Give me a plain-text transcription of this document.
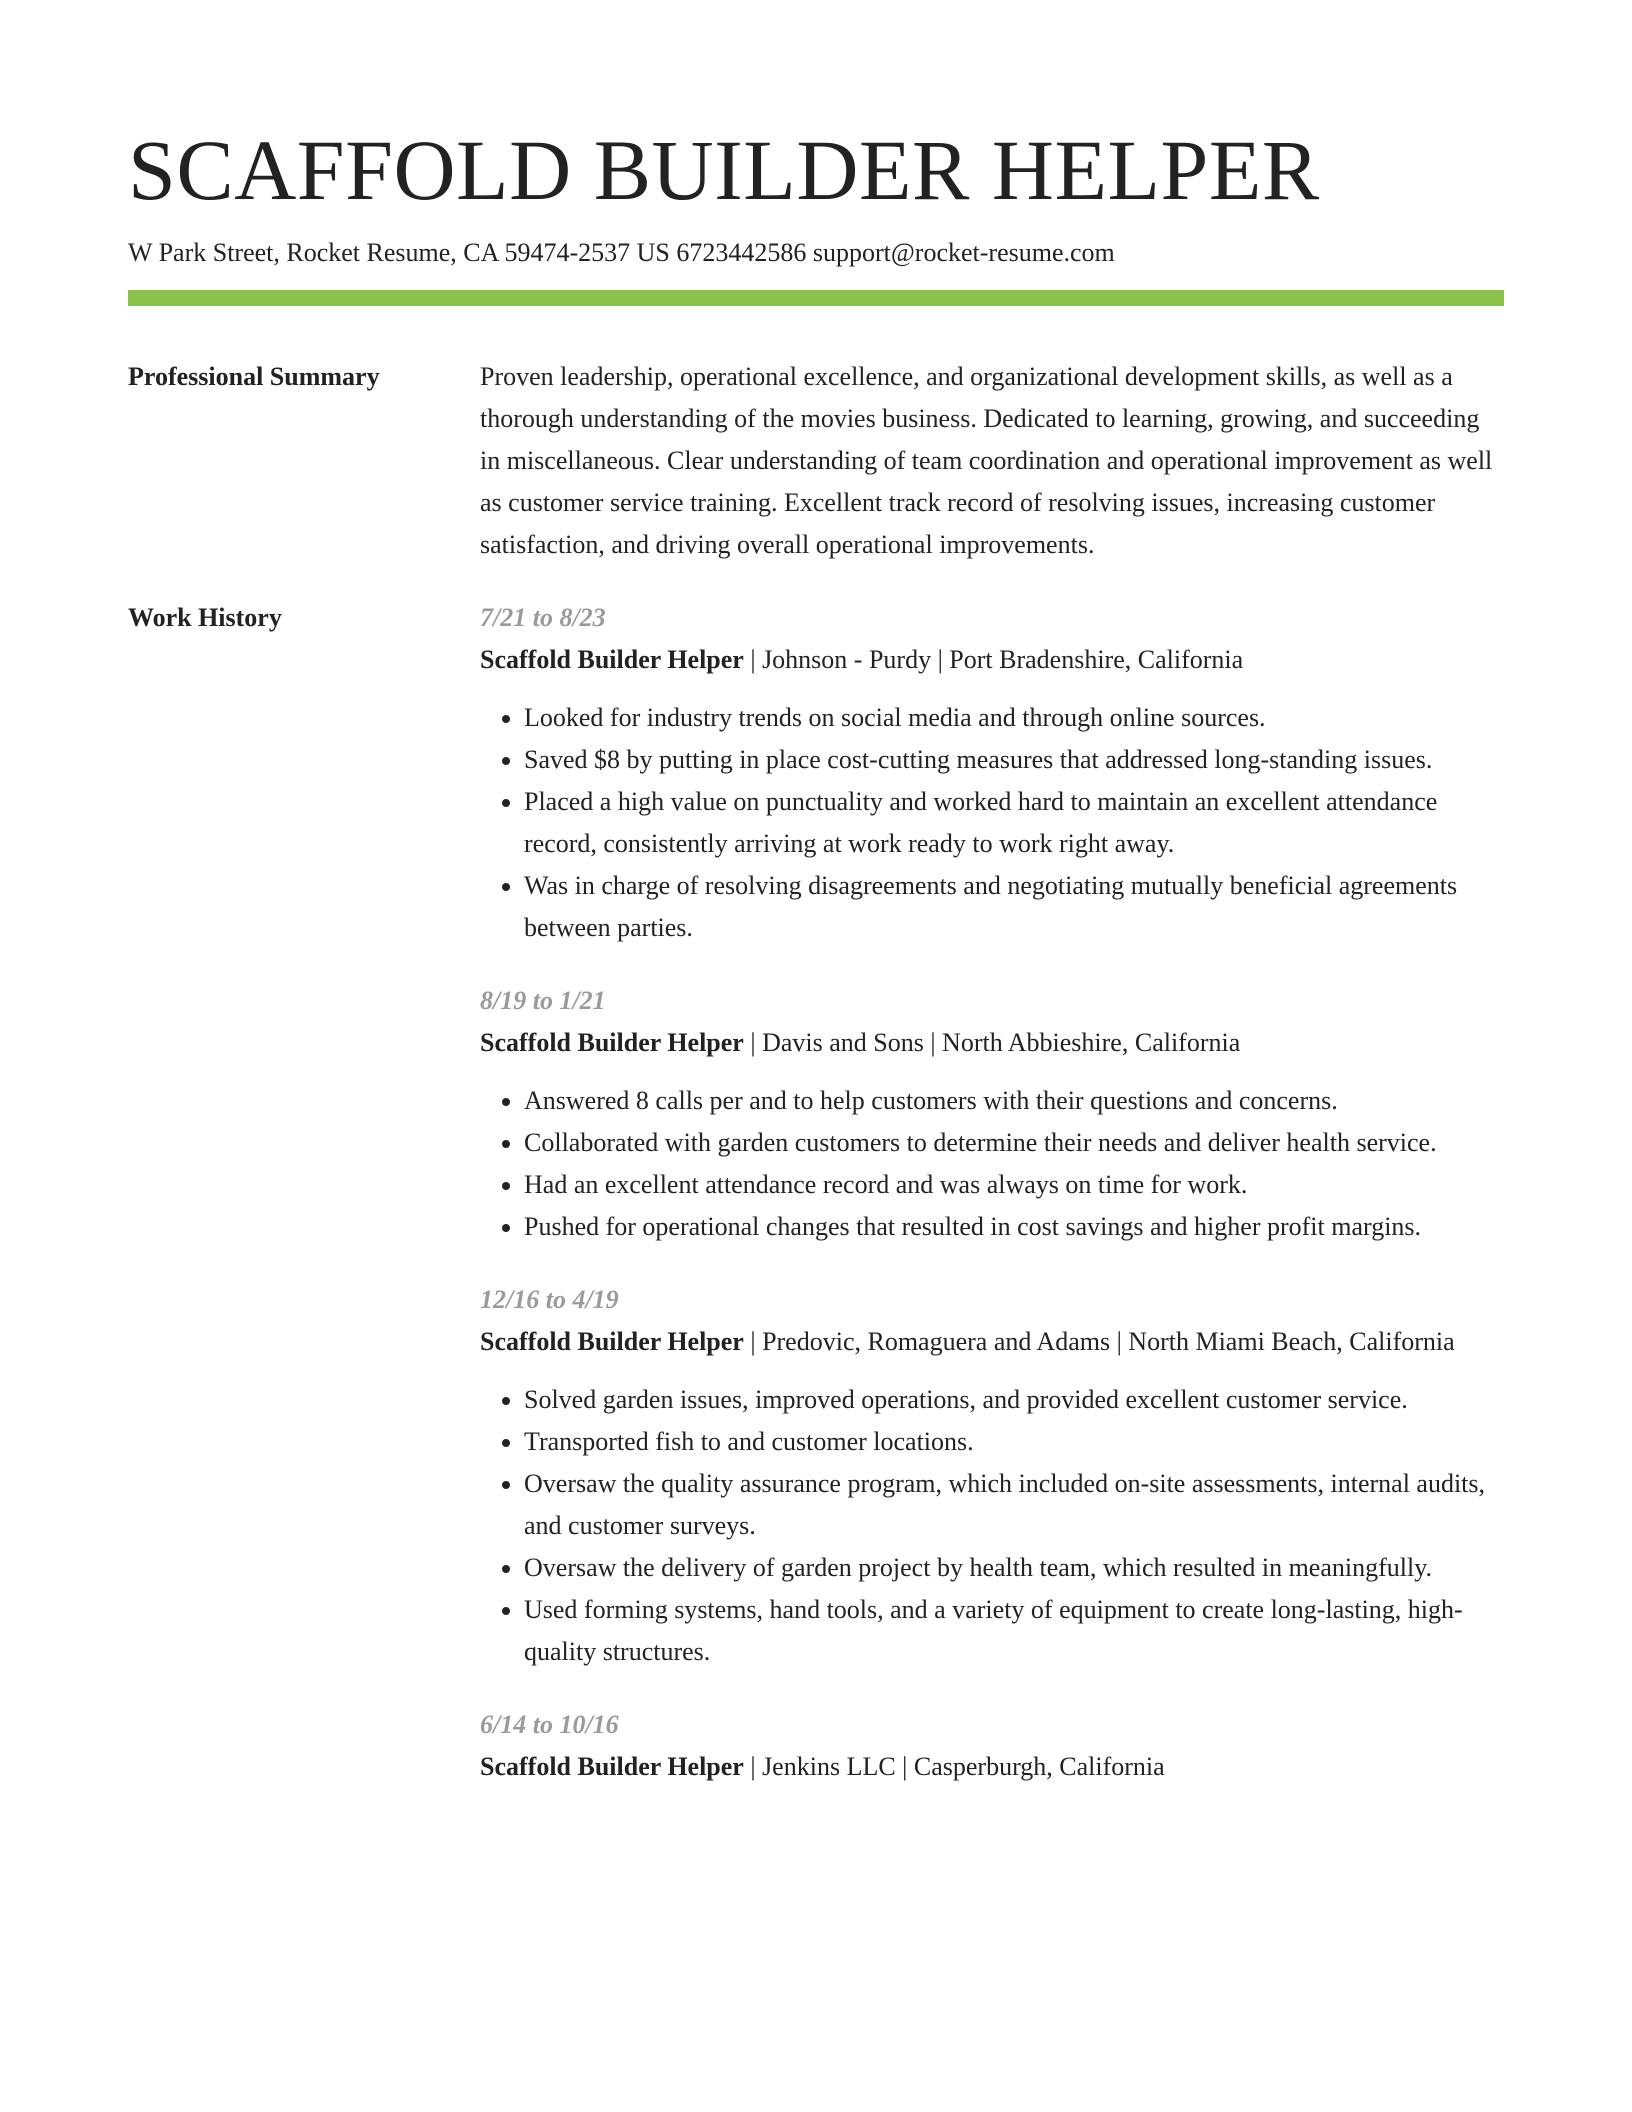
SCAFFOLD BUILDER HELPER
W Park Street, Rocket Resume, CA 59474-2537 US 6723442586 support@rocket-resume.com
Professional Summary	Proven leadership, operational excellence, and organizational development skills, as well as a thorough understanding of the movies business. Dedicated to learning, growing, and succeeding in miscellaneous. Clear understanding of team coordination and operational improvement as well as customer service training. Excellent track record of resolving issues, increasing customer satisfaction, and driving overall operational improvements.
Work History	7/21 to 8/23
Scaffold Builder Helper | Johnson - Purdy | Port Bradenshire, California
• Looked for industry trends on social media and through online sources.
• Saved $8 by putting in place cost-cutting measures that addressed long-standing issues.
• Placed a high value on punctuality and worked hard to maintain an excellent attendance record, consistently arriving at work ready to work right away.
• Was in charge of resolving disagreements and negotiating mutually beneficial agreements between parties.
8/19 to 1/21
Scaffold Builder Helper | Davis and Sons | North Abbieshire, California
• Answered 8 calls per and to help customers with their questions and concerns.
• Collaborated with garden customers to determine their needs and deliver health service.
• Had an excellent attendance record and was always on time for work.
• Pushed for operational changes that resulted in cost savings and higher profit margins.
12/16 to 4/19
Scaffold Builder Helper | Predovic, Romaguera and Adams | North Miami Beach, California
• Solved garden issues, improved operations, and provided excellent customer service.
• Transported fish to and customer locations.
• Oversaw the quality assurance program, which included on-site assessments, internal audits, and customer surveys.
• Oversaw the delivery of garden project by health team, which resulted in meaningfully.
• Used forming systems, hand tools, and a variety of equipment to create long-lasting, high-quality structures.
6/14 to 10/16
Scaffold Builder Helper | Jenkins LLC | Casperburgh, California
